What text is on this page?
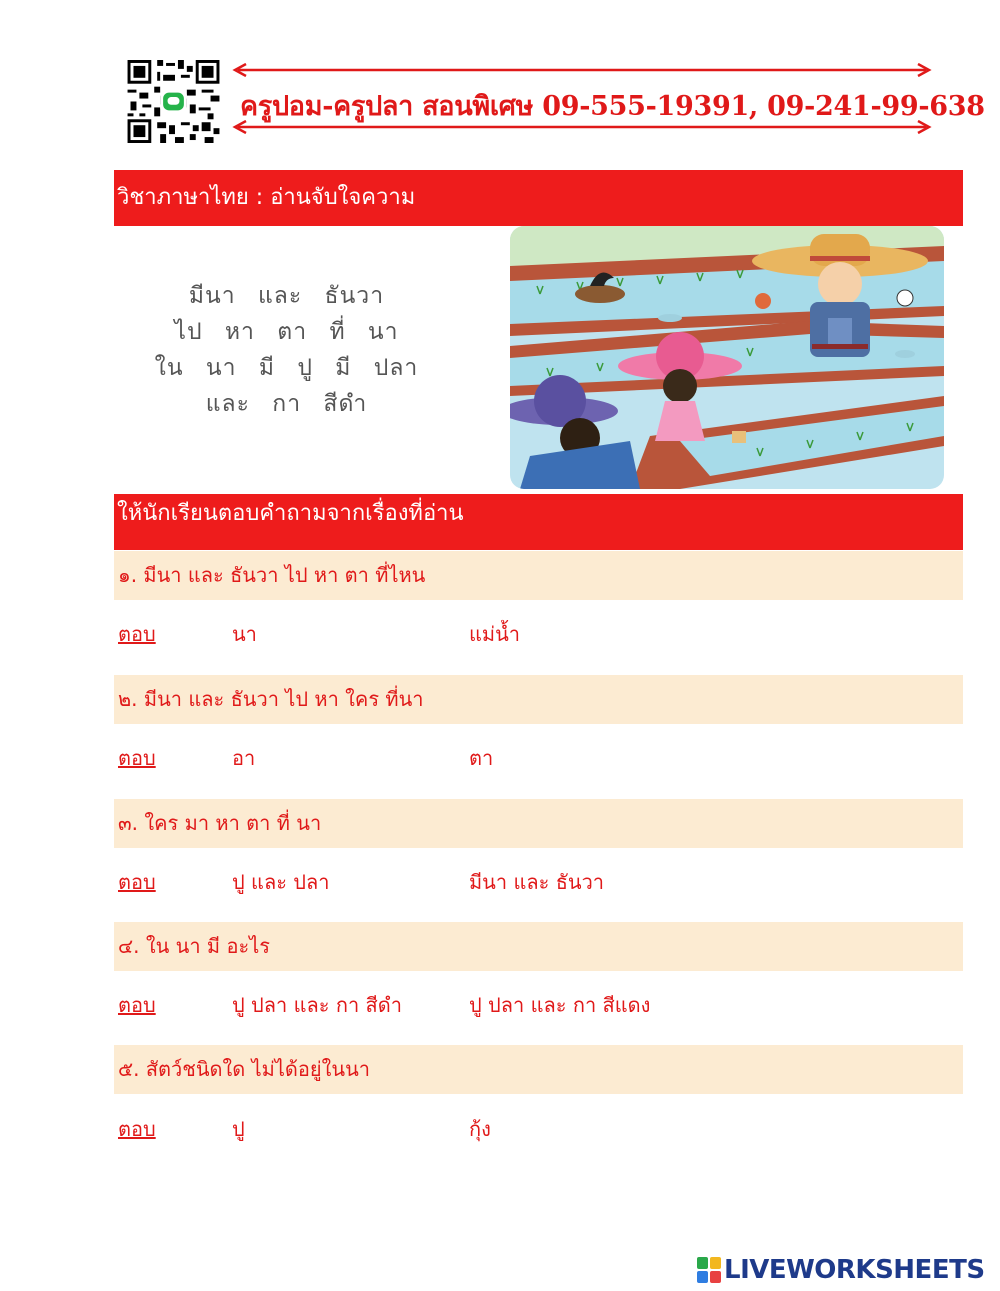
ครูปอม-ครูปลา สอนพิเศษ 09-555-19391, 09-241-99-638
วิชาภาษาไทย : อ่านจับใจความ
มีนา และ ธันวา
ไป หา ตา ที่ นา
ใน นา มี ปู มี ปลา
และ กา สีดำ
ให้นักเรียนตอบคำถามจากเรื่องที่อ่าน
๑. มีนา และ ธันวา ไป หา ตา ที่ไหน
ตอบ	นา	แม่น้ำ
๒. มีนา และ ธันวา ไป หา ใคร ที่นา
ตอบ	อา	ตา
๓. ใคร มา หา ตา ที่ นา
ตอบ	ปู และ ปลา	มีนา และ ธันวา
๔. ใน นา มี อะไร
ตอบ	ปู ปลา และ กา สีดำ	ปู ปลา และ กา สีแดง
๕. สัตว์ชนิดใด ไม่ได้อยู่ในนา
ตอบ	ปู	กุ้ง
LIVEWORKSHEETS
